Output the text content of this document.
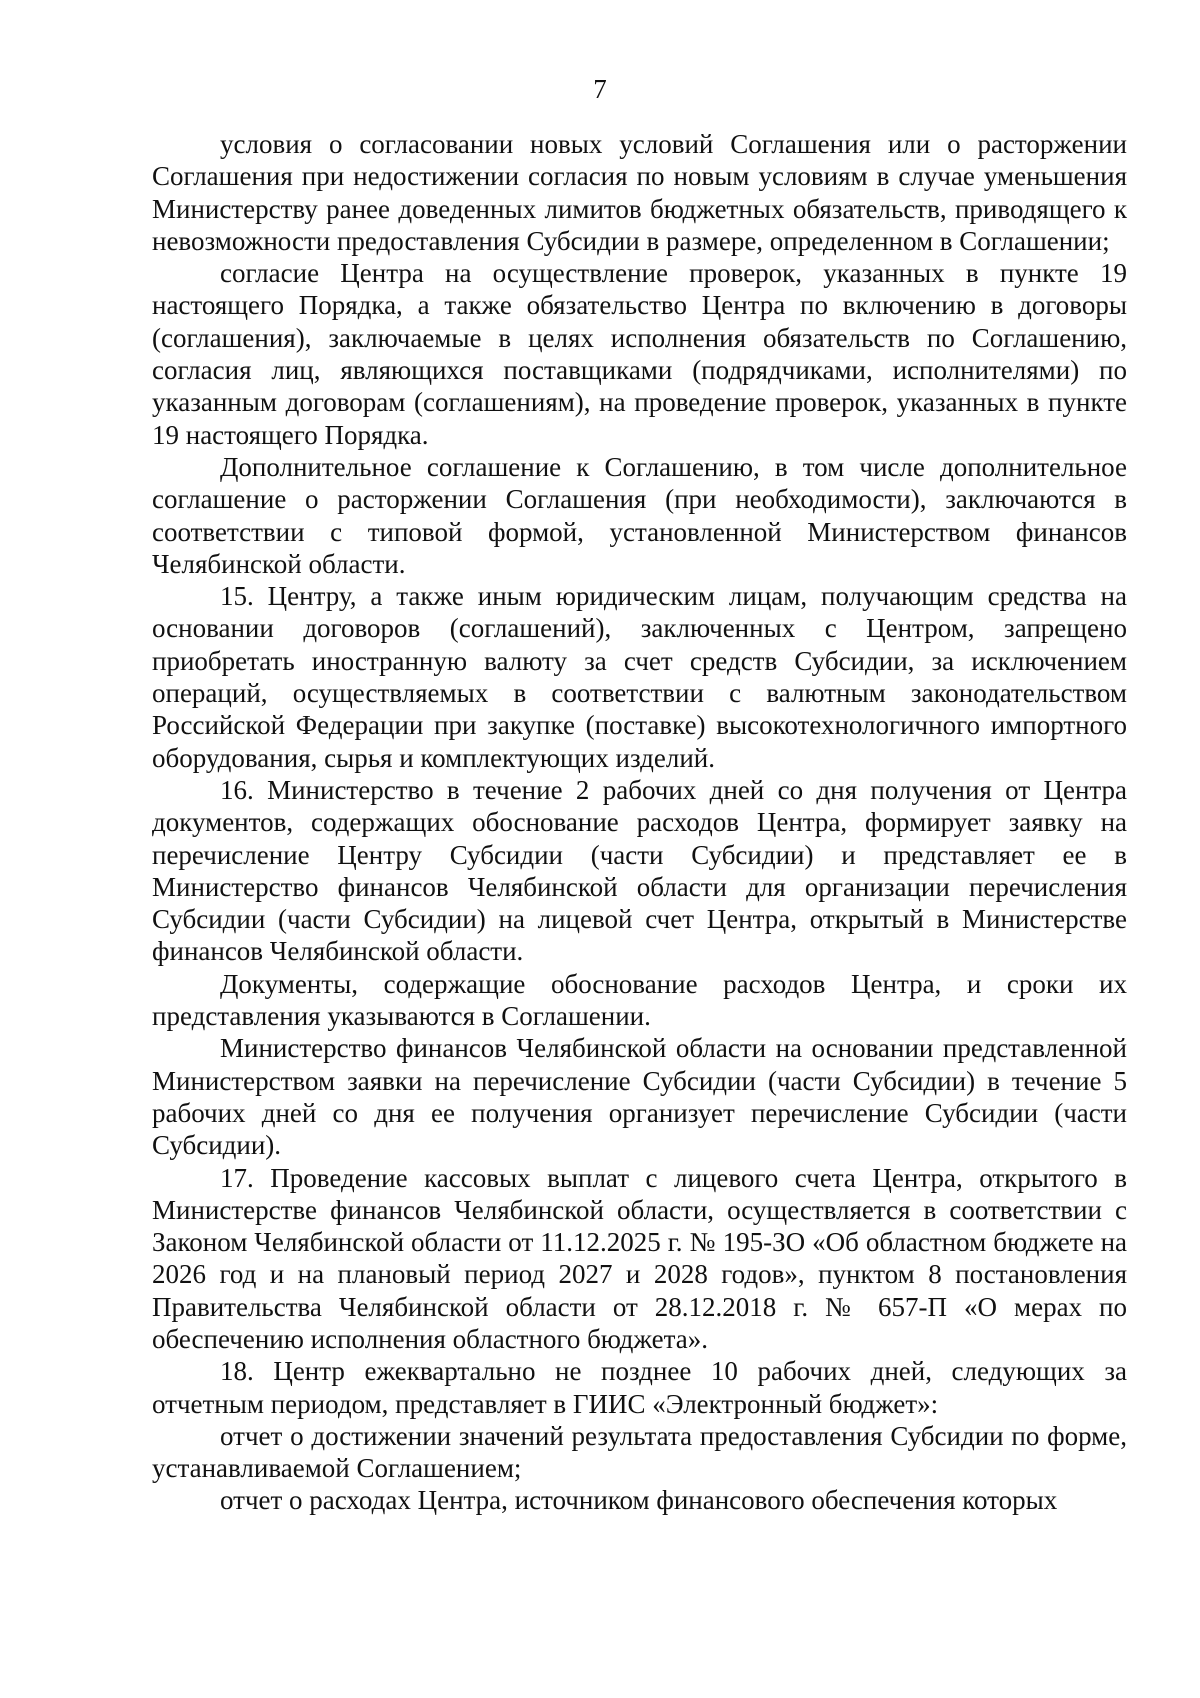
7

условия о согласовании новых условий Соглашения или о расторжении Соглашения при недостижении согласия по новым условиям в случае уменьшения Министерству ранее доведенных лимитов бюджетных обязательств, приводящего к невозможности предоставления Субсидии в размере, определенном в Соглашении;

согласие Центра на осуществление проверок, указанных в пункте 19 настоящего Порядка, а также обязательство Центра по включению в договоры (соглашения), заключаемые в целях исполнения обязательств по Соглашению, согласия лиц, являющихся поставщиками (подрядчиками, исполнителями) по указанным договорам (соглашениям), на проведение проверок, указанных в пункте 19 настоящего Порядка.

Дополнительное соглашение к Соглашению, в том числе дополнительное соглашение о расторжении Соглашения (при необходимости), заключаются в соответствии с типовой формой, установленной Министерством финансов Челябинской области.

15. Центру, а также иным юридическим лицам, получающим средства на основании договоров (соглашений), заключенных с Центром, запрещено приобретать иностранную валюту за счет средств Субсидии, за исключением операций, осуществляемых в соответствии с валютным законодательством Российской Федерации при закупке (поставке) высокотехнологичного импортного оборудования, сырья и комплектующих изделий.

16. Министерство в течение 2 рабочих дней со дня получения от Центра документов, содержащих обоснование расходов Центра, формирует заявку на перечисление Центру Субсидии (части Субсидии) и представляет ее в Министерство финансов Челябинской области для организации перечисления Субсидии (части Субсидии) на лицевой счет Центра, открытый в Министерстве финансов Челябинской области.

Документы, содержащие обоснование расходов Центра, и сроки их представления указываются в Соглашении.

Министерство финансов Челябинской области на основании представленной Министерством заявки на перечисление Субсидии (части Субсидии) в течение 5 рабочих дней со дня ее получения организует перечисление Субсидии (части Субсидии).

17. Проведение кассовых выплат с лицевого счета Центра, открытого в Министерстве финансов Челябинской области, осуществляется в соответствии с Законом Челябинской области от 11.12.2025 г. № 195-ЗО «Об областном бюджете на 2026 год и на плановый период 2027 и 2028 годов», пунктом 8 постановления Правительства Челябинской области от 28.12.2018 г. № 657-П «О мерах по обеспечению исполнения областного бюджета».

18. Центр ежеквартально не позднее 10 рабочих дней, следующих за отчетным периодом, представляет в ГИИС «Электронный бюджет»:

отчет о достижении значений результата предоставления Субсидии по форме, устанавливаемой Соглашением;

отчет о расходах Центра, источником финансового обеспечения которых
